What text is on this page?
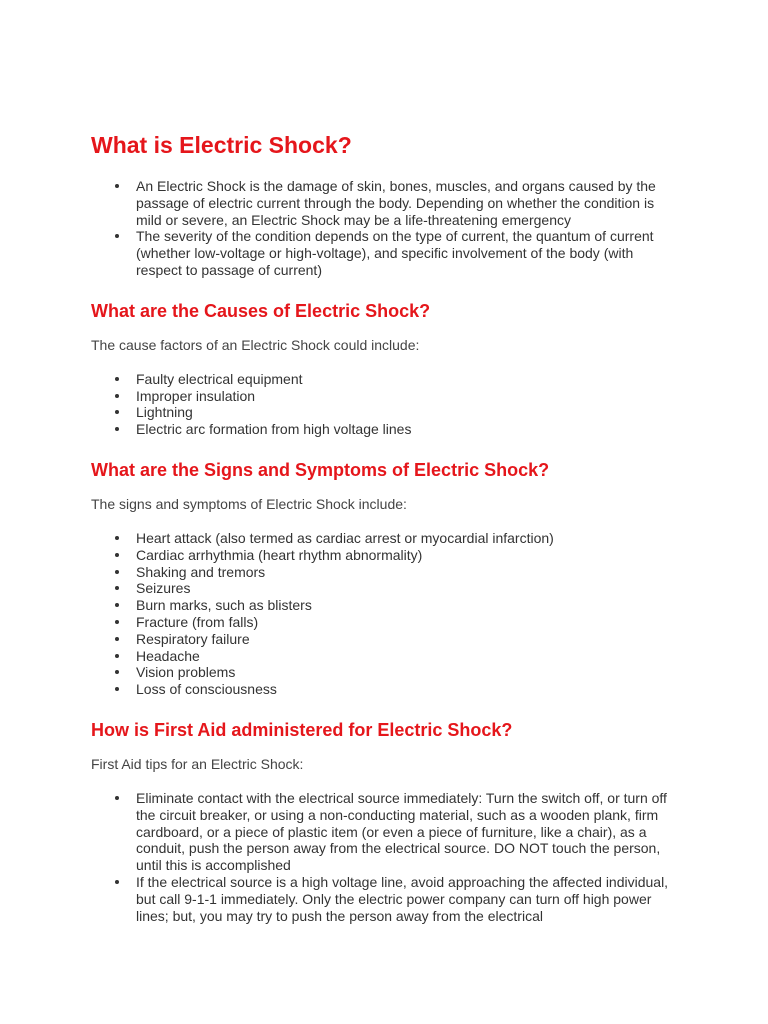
What is Electric Shock?
An Electric Shock is the damage of skin, bones, muscles, and organs caused by the passage of electric current through the body. Depending on whether the condition is mild or severe, an Electric Shock may be a life-threatening emergency
The severity of the condition depends on the type of current, the quantum of current (whether low-voltage or high-voltage), and specific involvement of the body (with respect to passage of current)
What are the Causes of Electric Shock?

The cause factors of an Electric Shock could include:

Faulty electrical equipment
Improper insulation
Lightning
Electric arc formation from high voltage lines
What are the Signs and Symptoms of Electric Shock?

The signs and symptoms of Electric Shock include:

Heart attack (also termed as cardiac arrest or myocardial infarction)
Cardiac arrhythmia (heart rhythm abnormality)
Shaking and tremors
Seizures
Burn marks, such as blisters
Fracture (from falls)
Respiratory failure
Headache
Vision problems
Loss of consciousness
How is First Aid administered for Electric Shock?

First Aid tips for an Electric Shock:

Eliminate contact with the electrical source immediately: Turn the switch off, or turn off the circuit breaker, or using a non-conducting material, such as a wooden plank, firm cardboard, or a piece of plastic item (or even a piece of furniture, like a chair), as a conduit, push the person away from the electrical source. DO NOT touch the person, until this is accomplished
If the electrical source is a high voltage line, avoid approaching the affected individual, but call 9-1-1 immediately. Only the electric power company can turn off high power lines; but, you may try to push the person away from the electrical
